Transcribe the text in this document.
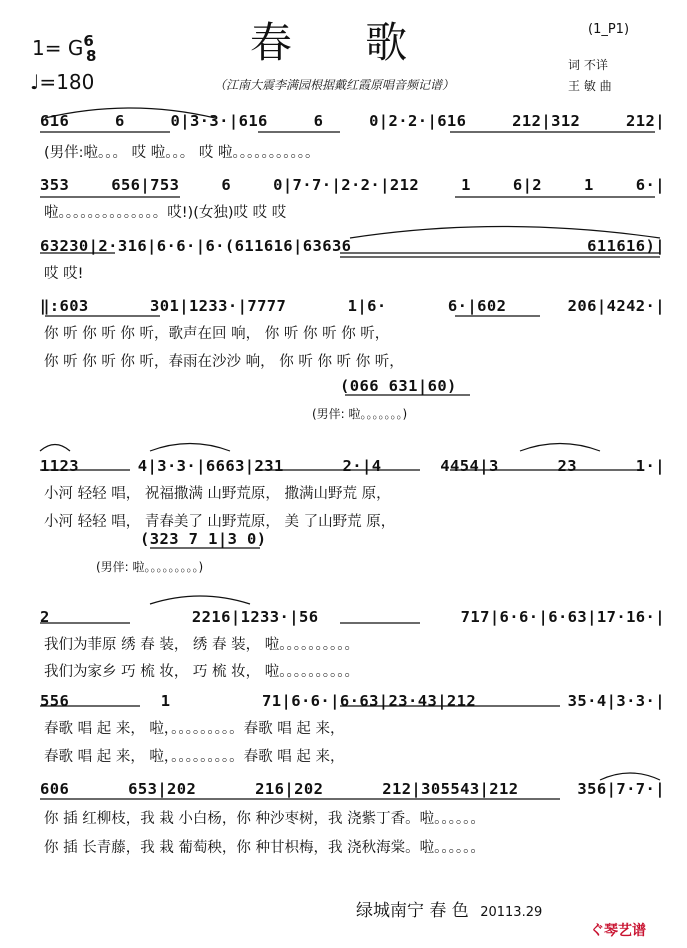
春 歌	(1_P1)
$1= G^6$
8
♩=180	（江南大震李满园根据戴红霞原唱音频记谱）
词 不详
王 敏 曲
616 6 0|3·3·|616 6 0|2·2·|616 212|312 212|
(男伴:啦。。。 哎 啦。。。 哎 啦。。。。。。。。。。。
353 656|753 6 0|7·7·|2·2·|212 1 6|2 1 6·|
啦。。。。。。。。。。。。。。哎!)(女独)哎 哎 哎
63230|2·316|6·6·|6·(611616|63636 611616)|
哎 哎!
‖:603 301|1233·|7777 1|6· 6·|602 206|4242·|
你 听 你 听 你 听，歌声在回 响， 你 听 你 听 你 听，
你 听 你 听 你 听，春雨在沙沙 响， 你 听 你 听 你 听，
(066 631|60)
(男伴: 啦。。。。。。。)
1123 4|3·3·|6663|231 2·|4 4454|3 23 1·|
小河 轻轻 唱， 祝福撒满 山野荒原， 撒满山野荒 原，
小河 轻轻 唱， 青春美了 山野荒原， 美 了山野荒 原，
(323 7 1|3 0)
(男伴: 啦。。。。。。。。。)
2 2216|1233·|56 717|6·6·|6·63|17·16·|
我们为菲原 绣 春 装， 绣 春 装， 啦。。。。。。。。。。
我们为家乡 巧 梳 妆， 巧 梳 妆， 啦。。。。。。。。。。
556 1 71|6·6·|6·63|23·43|212 35·4|3·3·|
春歌 唱 起 来， 啦，。。。。。。。。。春歌 唱 起 来，
春歌 唱 起 来， 啦，。。。。。。。。。春歌 唱 起 来，
606 653|202 216|202 212|305543|212 356|7·7·|
你 插 红柳枝，我 栽 小白杨，你 种沙枣树，我 浇紫丁香。啦。。。。。。
你 插 长青藤，我 栽 葡萄秧，你 种甘枳梅，我 浇秋海棠。啦。。。。。。
绿城南宁 春 色 20113.29
ぐ琴艺谱
